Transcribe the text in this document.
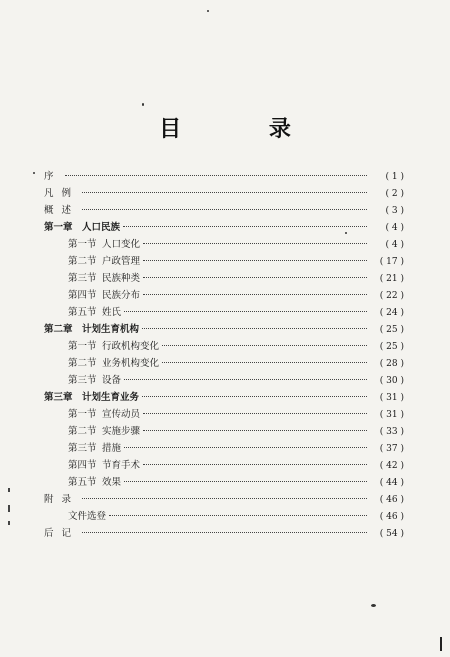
目 录
序	( 1 )
凡例	( 2 )
概述	( 3 )
第一章 人口民族	( 4 )
第一节 人口变化	( 4 )
第二节 户政管理	( 17 )
第三节 民族种类	( 21 )
第四节 民族分布	( 22 )
第五节 姓氏	( 24 )
第二章 计划生育机构	( 25 )
第一节 行政机构变化	( 25 )
第二节 业务机构变化	( 28 )
第三节 设备	( 30 )
第三章 计划生育业务	( 31 )
第一节 宣传动员	( 31 )
第二节 实施步骤	( 33 )
第三节 措施	( 37 )
第四节 节育手术	( 42 )
第五节 效果	( 44 )
附录	( 46 )
文件选登	( 46 )
后记	( 54 )
